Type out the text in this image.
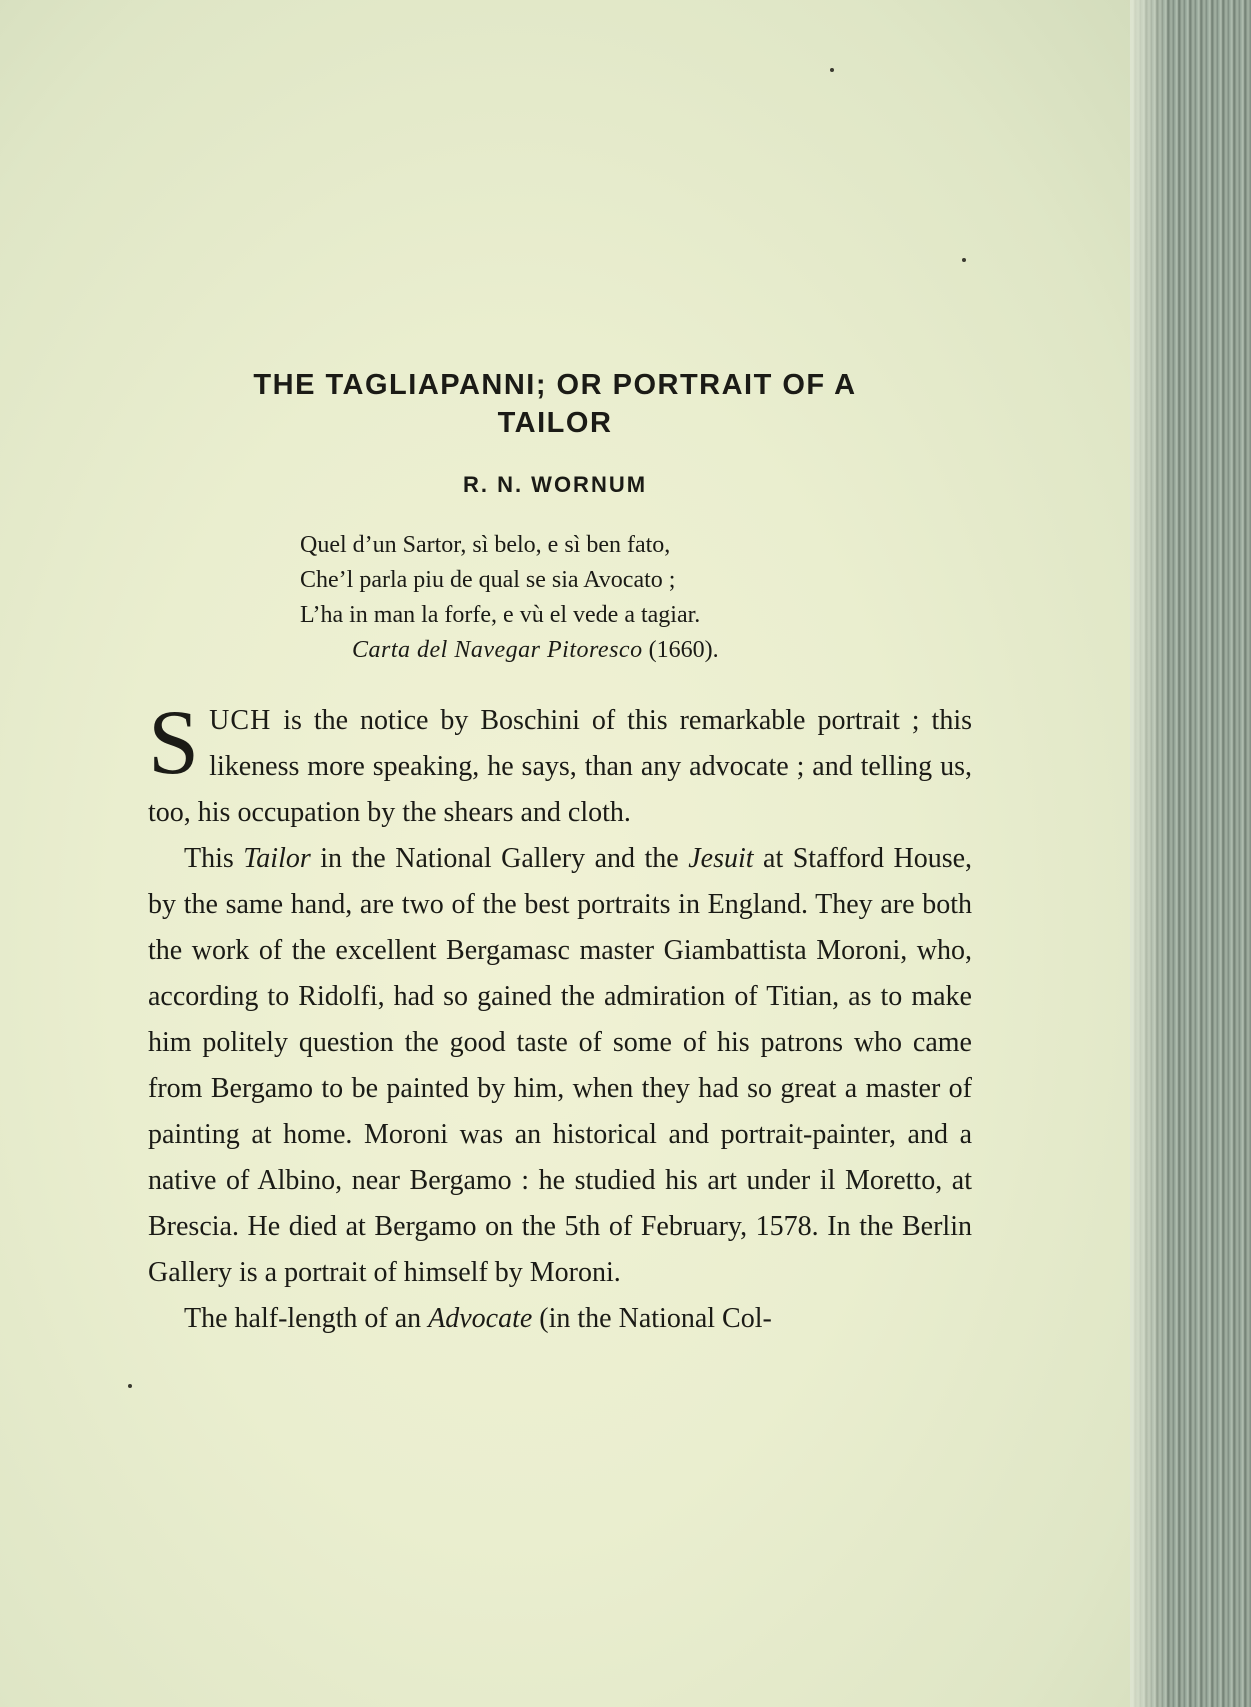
THE TAGLIAPANNI; OR PORTRAIT OF A
TAILOR
R. N. WORNUM
Quel d’un Sartor, sì belo, e sì ben fato,
Che’l parla piu de qual se sia Avocato ;
L’ha in man la forfe, e vù el vede a tagiar.
Carta del Navegar Pitoresco (1660).

SUCH is the notice by Boschini of this remarkable portrait ; this likeness more speaking, he says, than any advocate ; and telling us, too, his occupation by the shears and cloth.

This Tailor in the National Gallery and the Jesuit at Stafford House, by the same hand, are two of the best portraits in England. They are both the work of the excellent Bergamasc master Giambattista Moroni, who, according to Ridolfi, had so gained the admiration of Titian, as to make him politely question the good taste of some of his patrons who came from Bergamo to be painted by him, when they had so great a master of painting at home. Moroni was an historical and portrait-painter, and a native of Albino, near Bergamo : he studied his art under il Moretto, at Brescia. He died at Bergamo on the 5th of February, 1578. In the Berlin Gallery is a portrait of himself by Moroni.

The half-length of an Advocate (in the National Col-
